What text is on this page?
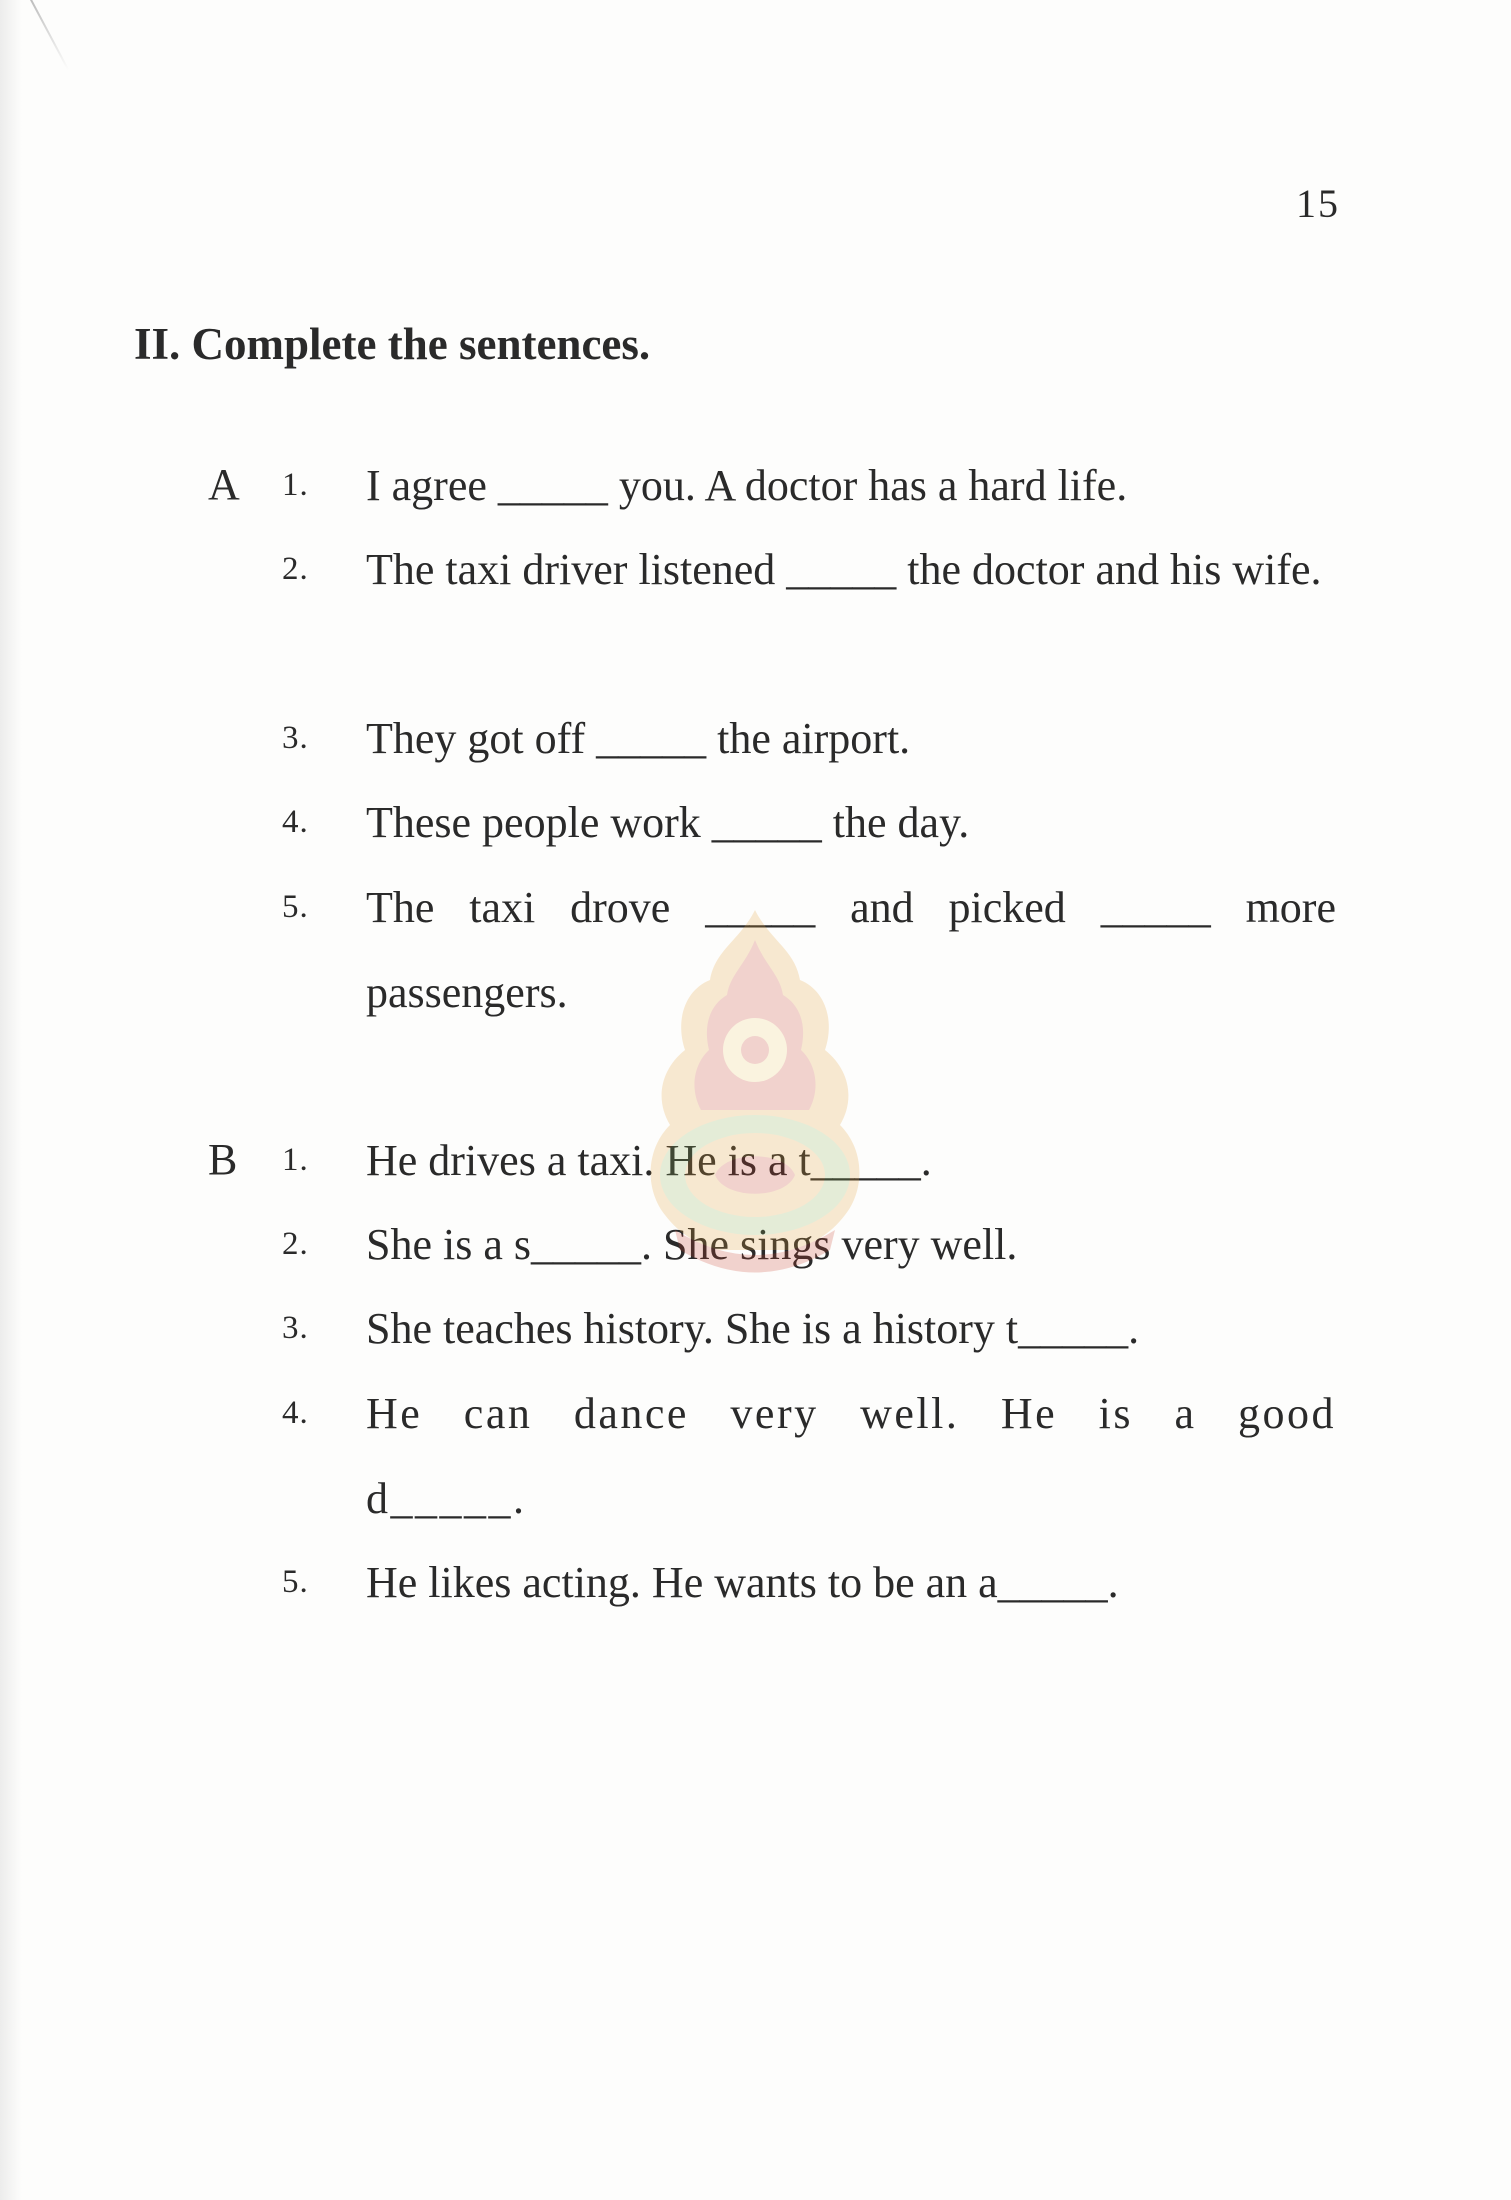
15
II. Complete the sentences.
A 1. I agree _____ you. A doctor has a hard life.
2. The taxi driver listened _____ the doctor and his wife.
3. They got off _____ the airport.
4. These people work _____ the day.
5. The taxi drove _____ and picked _____ more passengers.
B 1. He drives a taxi. He is a t_____.
2. She is a s_____. She sings very well.
3. She teaches history. She is a history t_____.
4. He can dance very well. He is a good d_____.
5. He likes acting. He wants to be an a_____.
